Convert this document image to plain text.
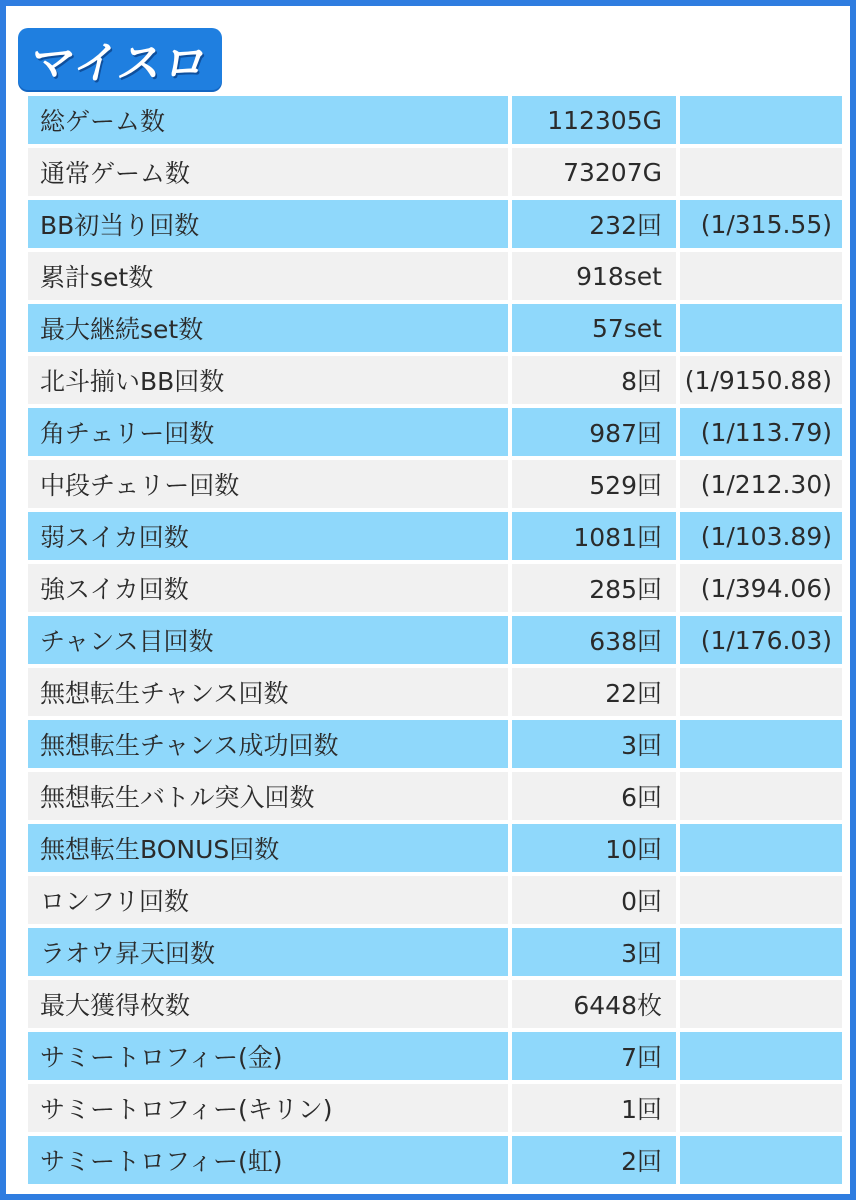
マイスロ
総ゲーム数	112305G
通常ゲーム数	73207G
BB初当り回数	232回	(1/315.55)
累計set数	918set
最大継続set数	57set
北斗揃いBB回数	8回 (1/9150.88)
角チェリー回数	987回	(1/113.79)
中段チェリー回数	529回	(1/212.30)
弱スイカ回数	1081回	(1/103.89)
強スイカ回数	285回	(1/394.06)
チャンス目回数	638回	(1/176.03)
無想転生チャンス回数	22回
無想転生チャンス成功回数	3回
無想転生バトル突入回数	6回
無想転生BONUS回数	10回
ロンフリ回数	0回
ラオウ昇天回数	3回
最大獲得枚数	6448枚
サミートロフィー(金)	7回
サミートロフィー(キリン)	1回
サミートロフィー(虹)	2回
